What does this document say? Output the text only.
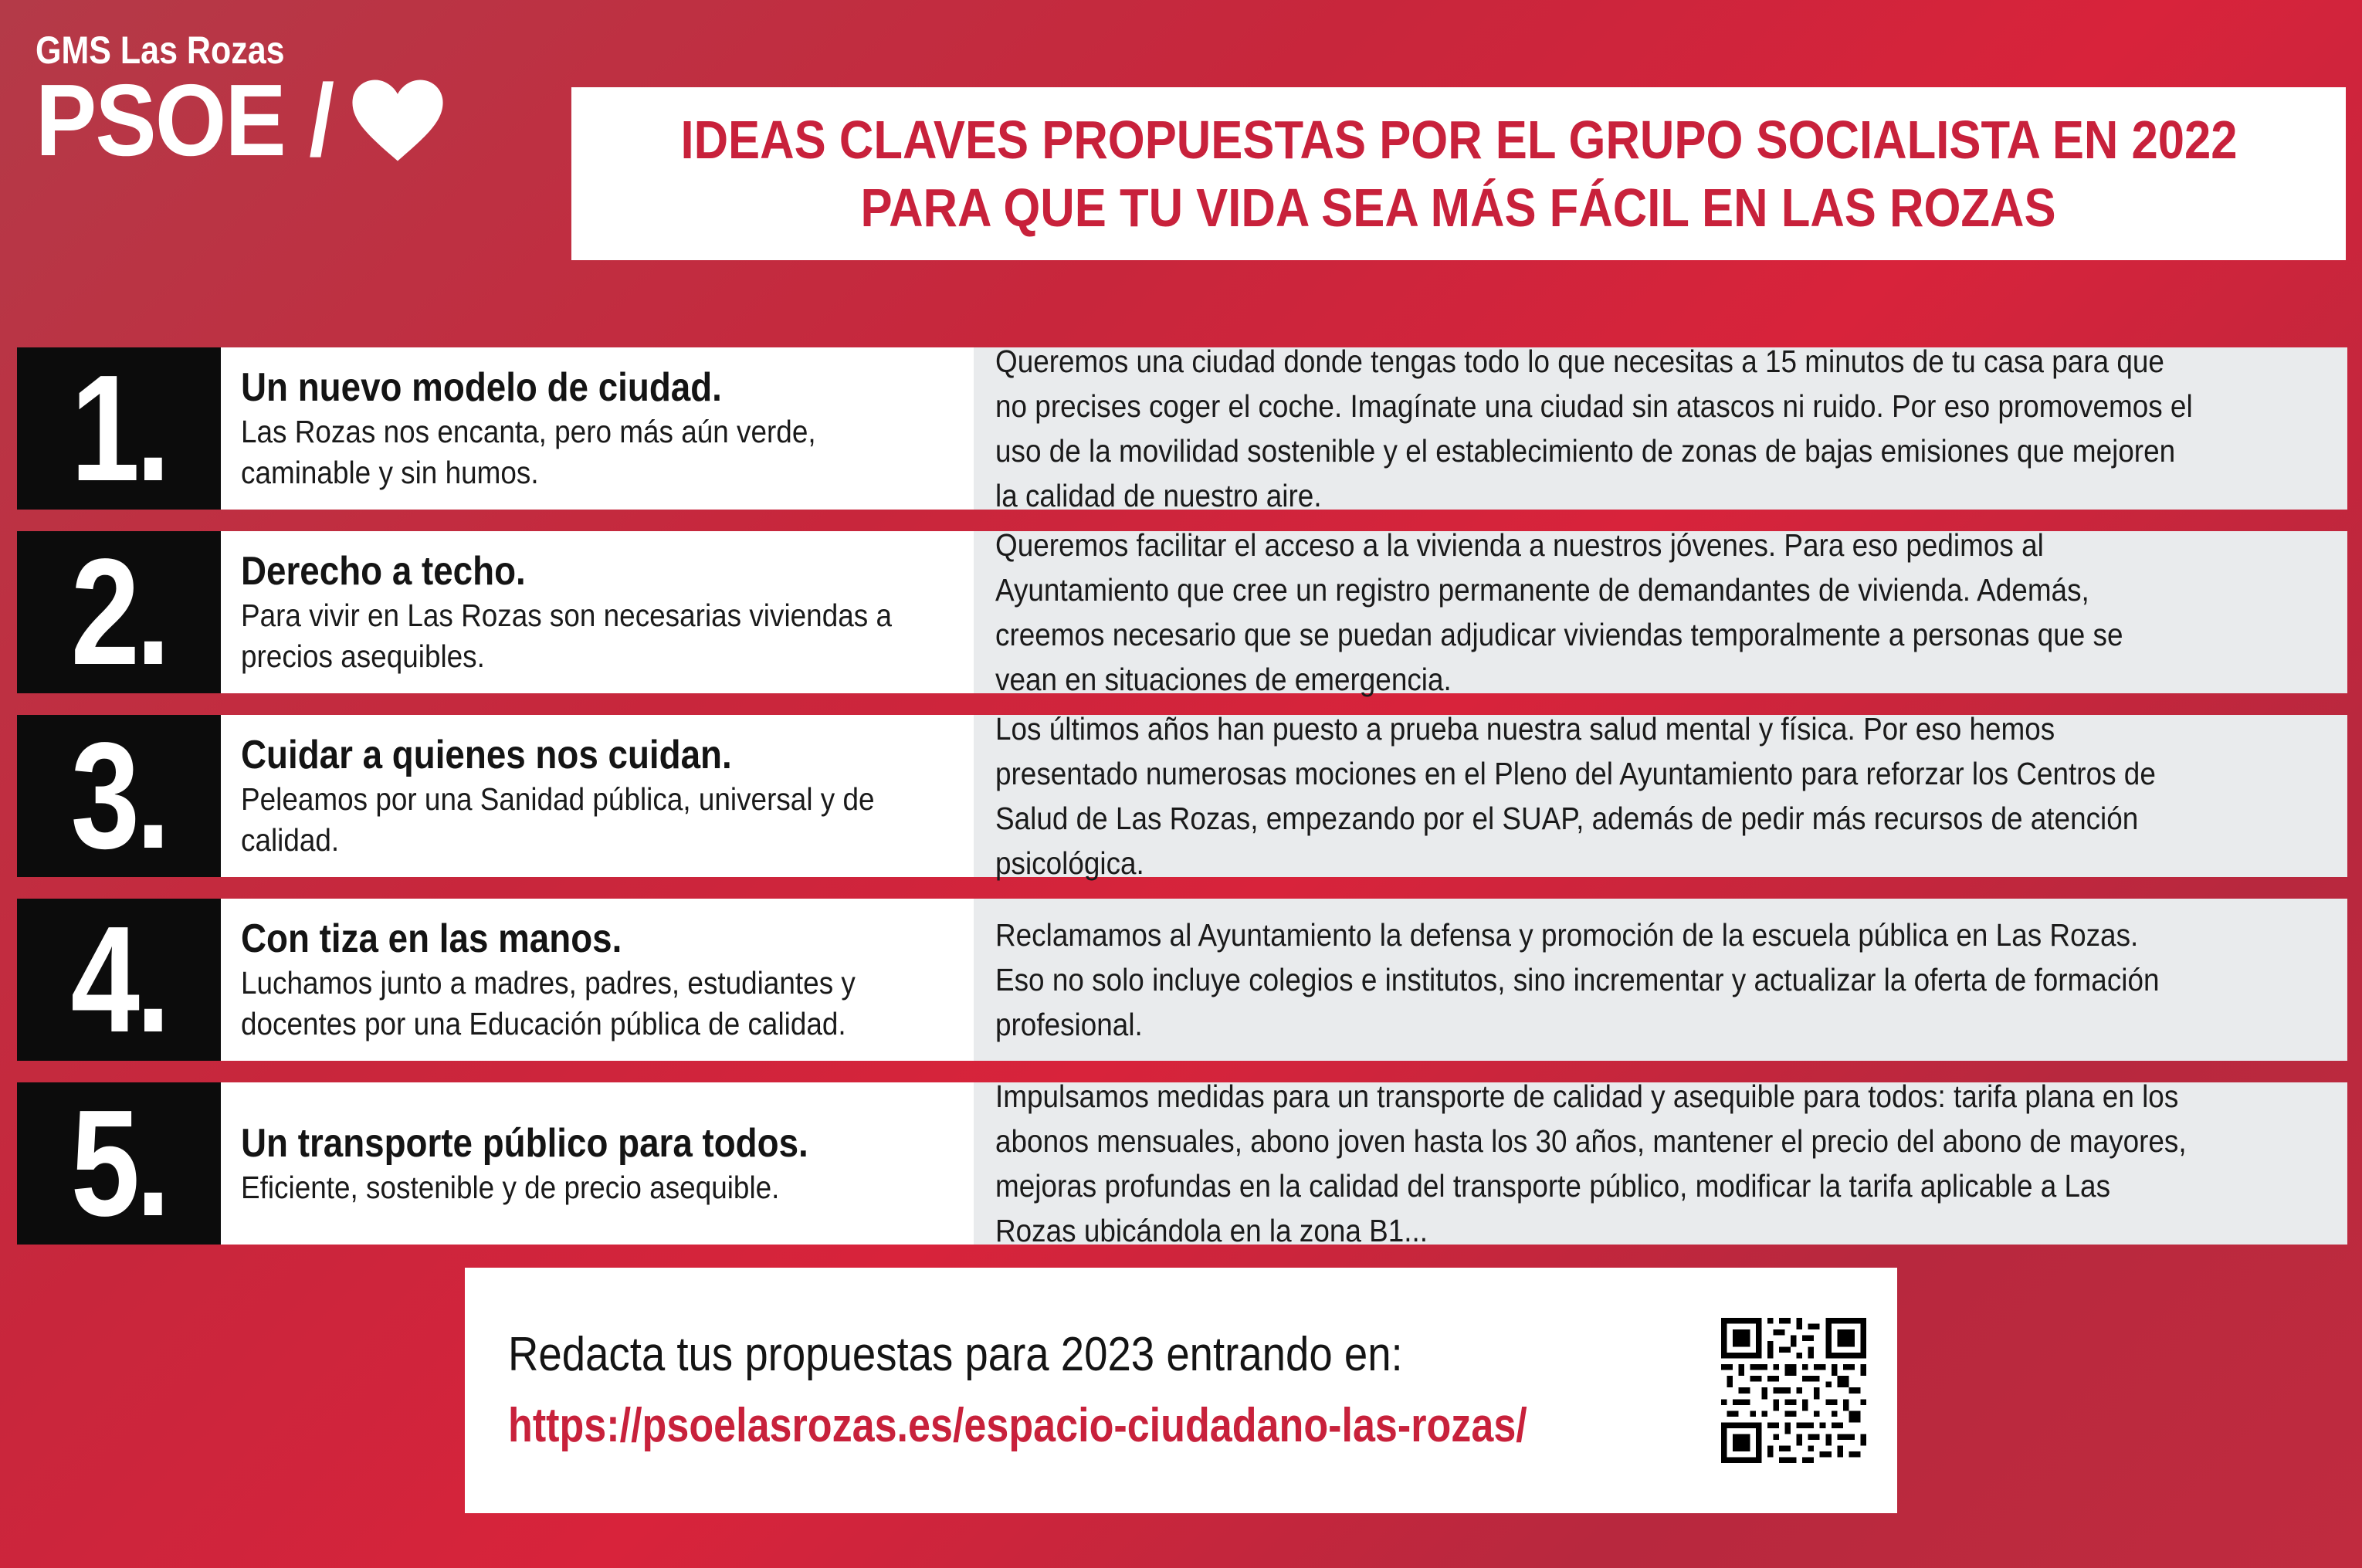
GMS Las Rozas
PSOE /	IDEAS CLAVES PROPUESTAS POR EL GRUPO SOCIALISTA EN 2022
PARA QUE TU VIDA SEA MÁS FÁCIL EN LAS ROZAS
1. Un nuevo modelo de ciudad.
Las Rozas nos encanta, pero más aún verde, caminable y sin humos.
Queremos una ciudad donde tengas todo lo que necesitas a 15 minutos de tu casa para que no precises coger el coche. Imagínate una ciudad sin atascos ni ruido. Por eso promovemos el uso de la movilidad sostenible y el establecimiento de zonas de bajas emisiones que mejoren la calidad de nuestro aire.
2. Derecho a techo.
Para vivir en Las Rozas son necesarias viviendas a precios asequibles.
Queremos facilitar el acceso a la vivienda a nuestros jóvenes. Para eso pedimos al Ayuntamiento que cree un registro permanente de demandantes de vivienda. Además, creemos necesario que se puedan adjudicar viviendas temporalmente a personas que se vean en situaciones de emergencia.
3. Cuidar a quienes nos cuidan.
Peleamos por una Sanidad pública, universal y de calidad.
Los últimos años han puesto a prueba nuestra salud mental y física. Por eso hemos presentado numerosas mociones en el Pleno del Ayuntamiento para reforzar los Centros de Salud de Las Rozas, empezando por el SUAP, además de pedir más recursos de atención psicológica.
4. Con tiza en las manos.
Luchamos junto a madres, padres, estudiantes y docentes por una Educación pública de calidad.
Reclamamos al Ayuntamiento la defensa y promoción de la escuela pública en Las Rozas. Eso no solo incluye colegios e institutos, sino incrementar y actualizar la oferta de formación profesional.
5. Un transporte público para todos.
Eficiente, sostenible y de precio asequible.
Impulsamos medidas para un transporte de calidad y asequible para todos: tarifa plana en los abonos mensuales, abono joven hasta los 30 años, mantener el precio del abono de mayores, mejoras profundas en la calidad del transporte público, modificar la tarifa aplicable a Las Rozas ubicándola en la zona B1...
Redacta tus propuestas para 2023 entrando en:
https://psoelasrozas.es/espacio-ciudadano-las-rozas/
